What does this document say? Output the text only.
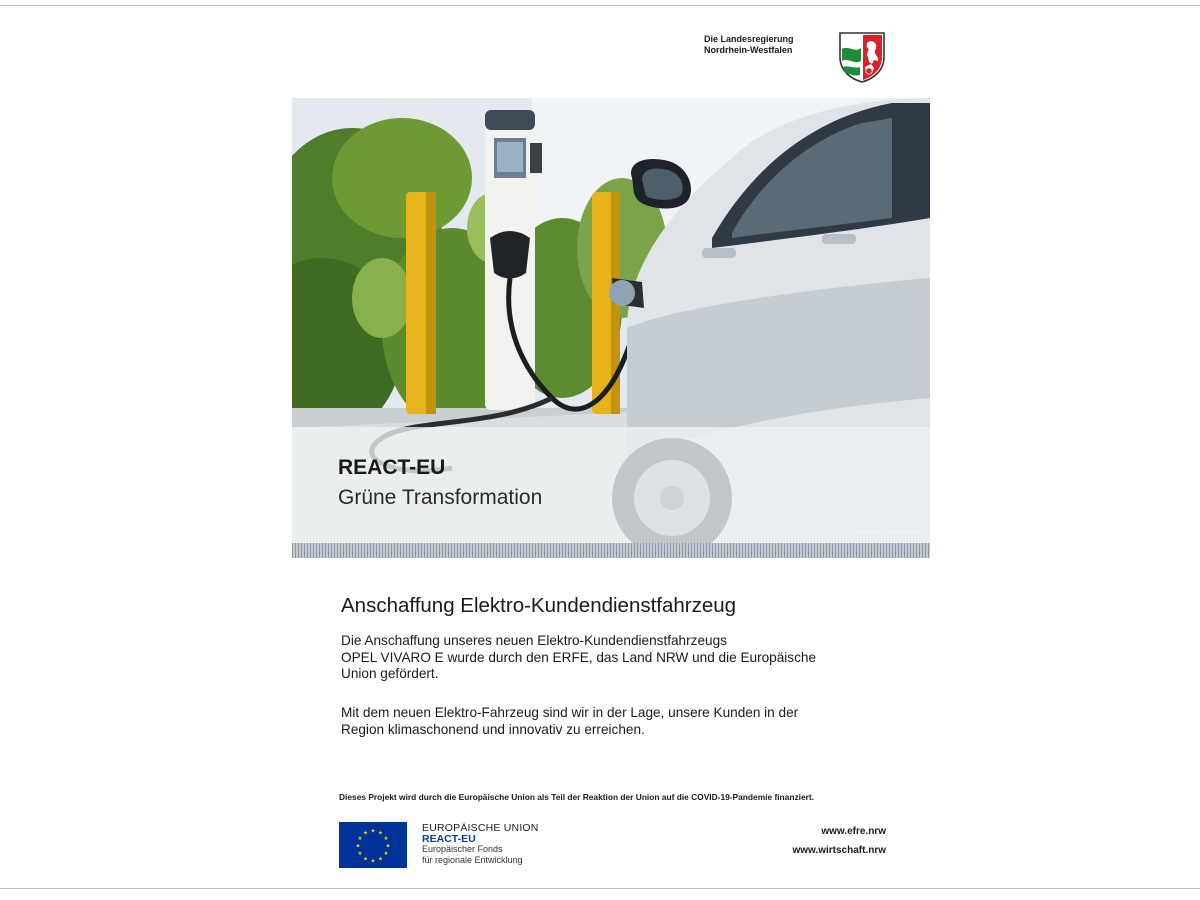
Die Landesregierung
Nordrhein-Westfalen
REACT-EU
Grüne Transformation
©Shutterstock, Mike Mareen
Anschaffung Elektro-Kundendienstfahrzeug
Die Anschaffung unseres neuen Elektro-Kundendienstfahrzeugs
OPEL VIVARO E wurde durch den ERFE, das Land NRW und die Europäische
Union gefördert.
Mit dem neuen Elektro-Fahrzeug sind wir in der Lage, unsere Kunden in der
Region klimaschonend und innovativ zu erreichen.
Dieses Projekt wird durch die Europäische Union als Teil der Reaktion der Union auf die COVID-19-Pandemie finanziert.
★ ★
★
★
★
★
★
★
★
★
★
★	EUROPÄISCHE UNION
REACT-EU
Europäischer Fonds
für regionale Entwicklung
www.efre.nrw
www.wirtschaft.nrw
